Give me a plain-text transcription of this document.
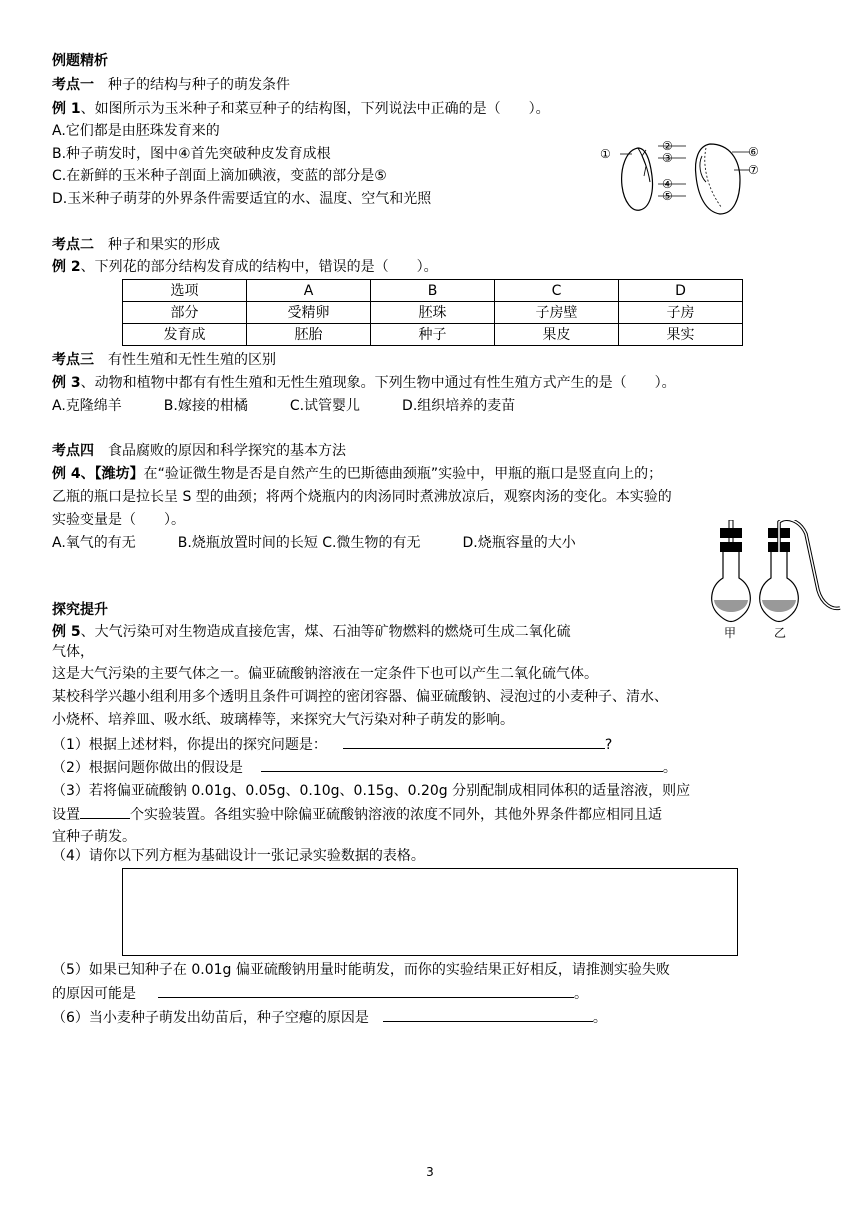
例题精析
考点一　 种子的结构与种子的萌发条件
例 1、如图所示为玉米种子和菜豆种子的结构图，下列说法中正确的是（　　）。
A.它们都是由胚珠发育来的
B.种子萌发时，图中④首先突破种皮发育成根
C.在新鲜的玉米种子剖面上滴加碘液，变蓝的部分是⑤
D.玉米种子萌芽的外界条件需要适宜的水、温度、空气和光照
①
②
③
④
⑤
⑥
⑦
考点二　 种子和果实的形成
例 2、下列花的部分结构发育成的结构中，错误的是（　　）。
选项	A	B	C	D
部分	受精卵	胚珠	子房壁	子房
发育成	胚胎	种子	果皮	果实
考点三　 有性生殖和无性生殖的区别
例 3、动物和植物中都有有性生殖和无性生殖现象。下列生物中通过有性生殖方式产生的是（　　）。
A.克隆绵羊　　　B.嫁接的柑橘　　　C.试管婴儿　　　D.组织培养的麦苗
考点四　 食品腐败的原因和科学探究的基本方法
例 4、【潍坊】在“验证微生物是否是自然产生的巴斯德曲颈瓶”实验中，甲瓶的瓶口是竖直向上的；
乙瓶的瓶口是拉长呈 S 型的曲颈；将两个烧瓶内的肉汤同时煮沸放凉后，观察肉汤的变化。本实验的
实验变量是（　　）。
A.氧气的有无　　　B.烧瓶放置时间的长短 C.微生物的有无　　　D.烧瓶容量的大小
甲	乙
探究提升
例 5、大气污染可对生物造成直接危害，煤、石油等矿物燃料的燃烧可生成二氧化硫
气体，
这是大气污染的主要气体之一。偏亚硫酸钠溶液在一定条件下也可以产生二氧化硫气体。
某校科学兴趣小组利用多个透明且条件可调控的密闭容器、偏亚硫酸钠、浸泡过的小麦种子、清水、
小烧杯、培养皿、吸水纸、玻璃棒等，来探究大气污染对种子萌发的影响。
（1）根据上述材料，你提出的探究问题是：	?
（2）根据问题你做出的假设是	。
（3）若将偏亚硫酸钠 0.01g、0.05g、0.10g、0.15g、0.20g 分别配制成相同体积的适量溶液，则应
设置	个实验装置。各组实验中除偏亚硫酸钠溶液的浓度不同外，其他外界条件都应相同且适
宜种子萌发。
（4）请你以下列方框为基础设计一张记录实验数据的表格。
（5）如果已知种子在 0.01g 偏亚硫酸钠用量时能萌发，而你的实验结果正好相反，请推测实验失败
的原因可能是	。
（6）当小麦种子萌发出幼苗后，种子空瘪的原因是	。
3
